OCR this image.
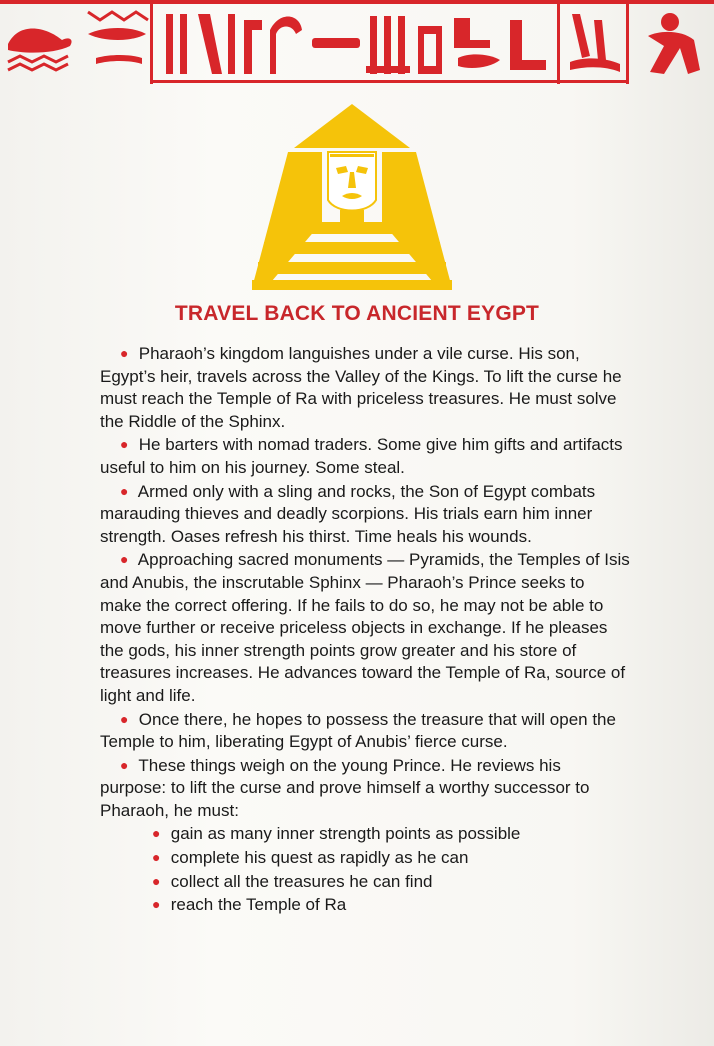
TRAVEL BACK TO ANCIENT EYGPT

● Pharaoh’s kingdom languishes under a vile curse. His son, Egypt’s heir, travels across the Valley of the Kings. To lift the curse he must reach the Temple of Ra with priceless treasures. He must solve the Riddle of the Sphinx.

● He barters with nomad traders. Some give him gifts and artifacts useful to him on his journey. Some steal.

● Armed only with a sling and rocks, the Son of Egypt combats marauding thieves and deadly scorpions. His trials earn him inner strength. Oases refresh his thirst. Time heals his wounds.

● Approaching sacred monuments — Pyramids, the Temples of Isis and Anubis, the inscrutable Sphinx — Pharaoh’s Prince seeks to make the correct offering. If he fails to do so, he may not be able to move further or receive priceless objects in exchange. If he pleases the gods, his inner strength points grow greater and his store of treasures increases. He advances toward the Temple of Ra, source of light and life.

● Once there, he hopes to possess the treasure that will open the Temple to him, liberating Egypt of Anubis’ fierce curse.

● These things weigh on the young Prince. He reviews his purpose: to lift the curse and prove himself a worthy successor to Pharaoh, he must:

● gain as many inner strength points as possible
● complete his quest as rapidly as he can
● collect all the treasures he can find
● reach the Temple of Ra
